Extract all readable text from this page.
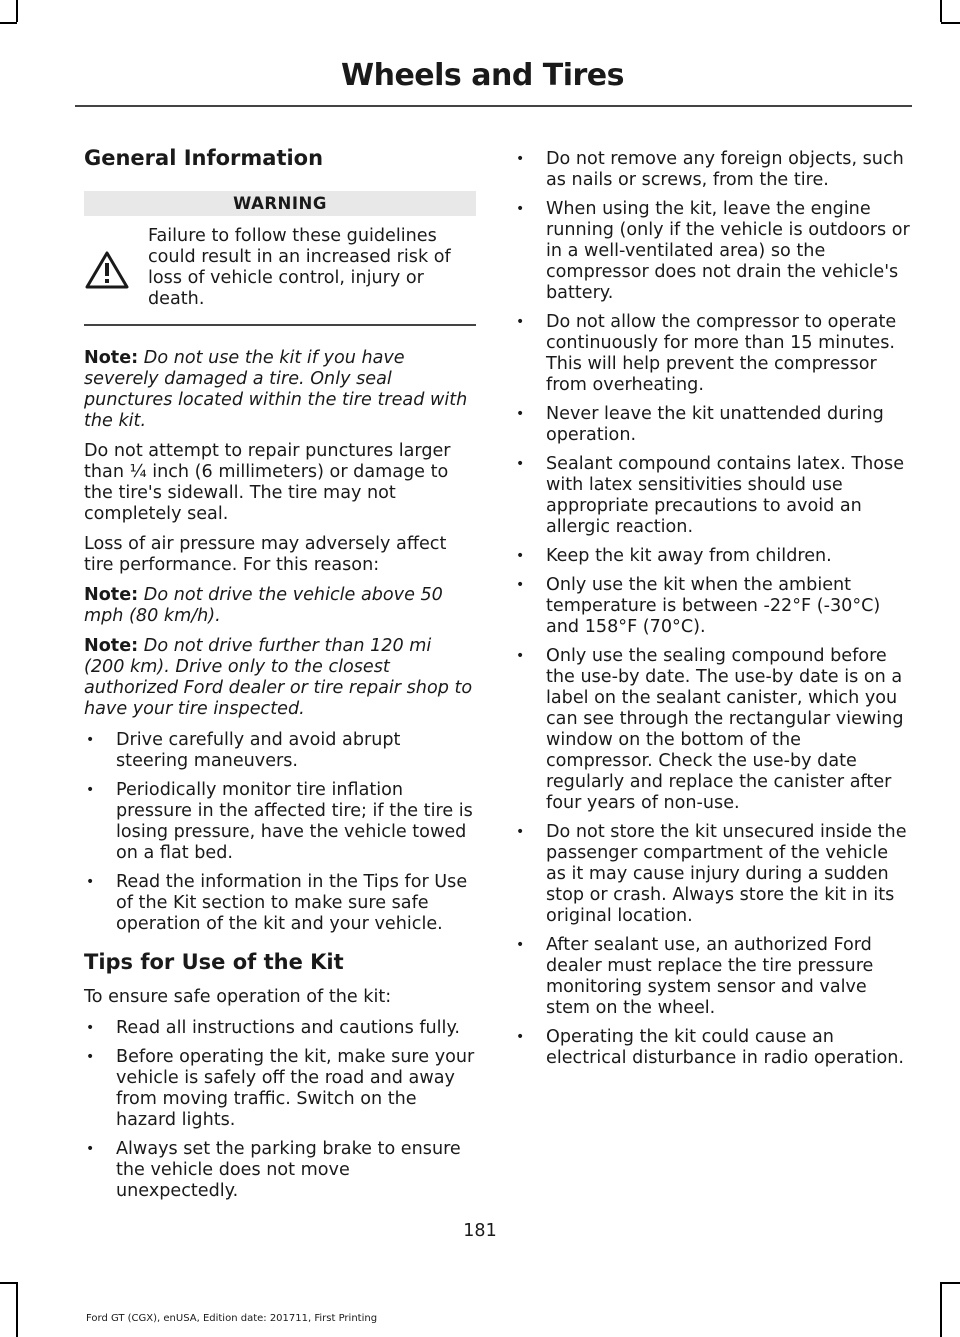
Wheels and Tires
General Information
WARNING

Failure to follow these guidelines could result in an increased risk of loss of vehicle control, injury or death.

Note: Do not use the kit if you have severely damaged a tire. Only seal punctures located within the tire tread with the kit.

Do not attempt to repair punctures larger than ¼ inch (6 millimeters) or damage to the tire's sidewall. The tire may not completely seal.

Loss of air pressure may adversely affect tire performance. For this reason:

Note: Do not drive the vehicle above 50 mph (80 km/h).

Note: Do not drive further than 120 mi (200 km). Drive only to the closest authorized Ford dealer or tire repair shop to have your tire inspected.

• Drive carefully and avoid abrupt steering maneuvers.
• Periodically monitor tire inflation pressure in the affected tire; if the tire is losing pressure, have the vehicle towed on a flat bed.
• Read the information in the Tips for Use of the Kit section to make sure safe operation of the kit and your vehicle.
Tips for Use of the Kit

To ensure safe operation of the kit:

• Read all instructions and cautions fully.
• Before operating the kit, make sure your vehicle is safely off the road and away from moving traffic. Switch on the hazard lights.
• Always set the parking brake to ensure the vehicle does not move unexpectedly.
• Do not remove any foreign objects, such as nails or screws, from the tire.
• When using the kit, leave the engine running (only if the vehicle is outdoors or in a well-ventilated area) so the compressor does not drain the vehicle's battery.
• Do not allow the compressor to operate continuously for more than 15 minutes. This will help prevent the compressor from overheating.
• Never leave the kit unattended during operation.
• Sealant compound contains latex. Those with latex sensitivities should use appropriate precautions to avoid an allergic reaction.
• Keep the kit away from children.
• Only use the kit when the ambient temperature is between -22°F (-30°C) and 158°F (70°C).
• Only use the sealing compound before the use-by date. The use-by date is on a label on the sealant canister, which you can see through the rectangular viewing window on the bottom of the compressor. Check the use-by date regularly and replace the canister after four years of non-use.
• Do not store the kit unsecured inside the passenger compartment of the vehicle as it may cause injury during a sudden stop or crash. Always store the kit in its original location.
• After sealant use, an authorized Ford dealer must replace the tire pressure monitoring system sensor and valve stem on the wheel.
• Operating the kit could cause an electrical disturbance in radio operation.
181
Ford GT (CGX), enUSA, Edition date: 201711, First Printing
